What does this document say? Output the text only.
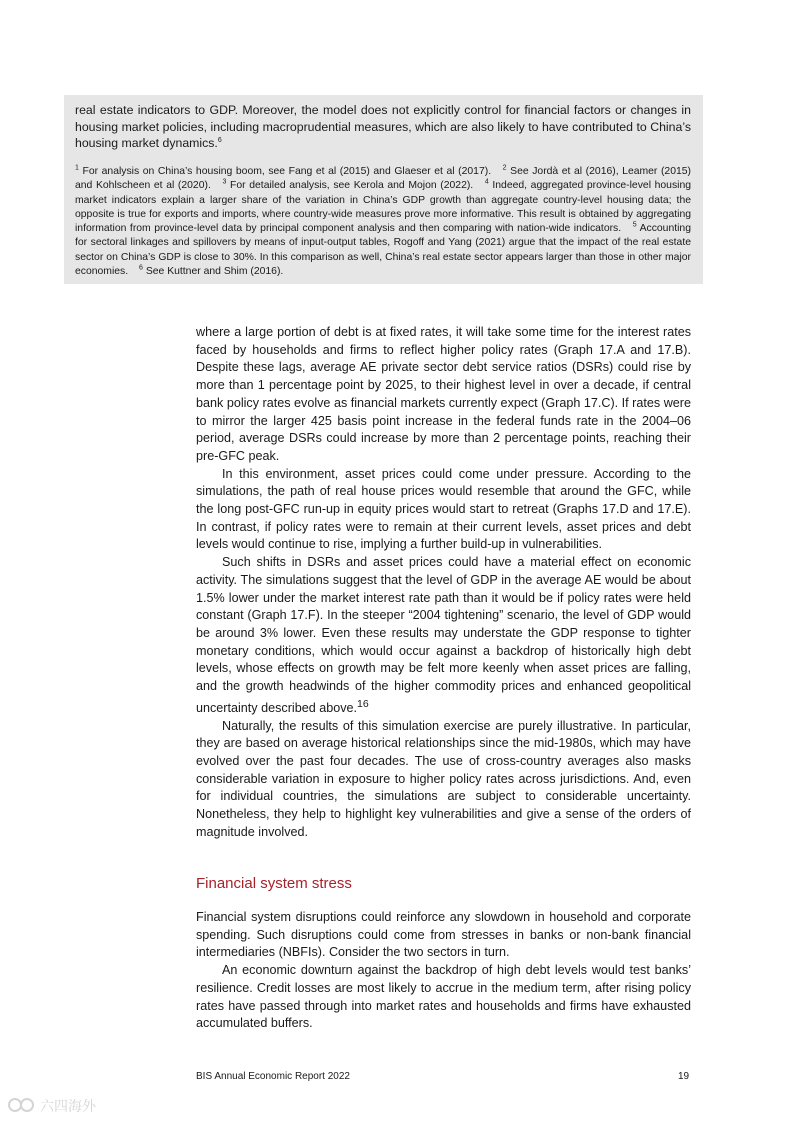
real estate indicators to GDP. Moreover, the model does not explicitly control for financial factors or changes in housing market policies, including macroprudential measures, which are also likely to have contributed to China’s housing market dynamics.$^6$
$^1$ For analysis on China’s housing boom, see Fang et al (2015) and Glaeser et al (2017). $^2$ See Jordà et al (2016), Leamer (2015) and Kohlscheen et al (2020). $^3$ For detailed analysis, see Kerola and Mojon (2022). $^4$ Indeed, aggregated province-level housing market indicators explain a larger share of the variation in China’s GDP growth than aggregate country-level housing data; the opposite is true for exports and imports, where country-wide measures prove more informative. This result is obtained by aggregating information from province-level data by principal component analysis and then comparing with nation-wide indicators. $^5$ Accounting for sectoral linkages and spillovers by means of input-output tables, Rogoff and Yang (2021) argue that the impact of the real estate sector on China’s GDP is close to 30%. In this comparison as well, China’s real estate sector appears larger than those in other major economies. $^6$ See Kuttner and Shim (2016).

where a large portion of debt is at fixed rates, it will take some time for the interest rates faced by households and firms to reflect higher policy rates (Graph 17.A and 17.B). Despite these lags, average AE private sector debt service ratios (DSRs) could rise by more than 1 percentage point by 2025, to their highest level in over a decade, if central bank policy rates evolve as financial markets currently expect (Graph 17.C). If rates were to mirror the larger 425 basis point increase in the federal funds rate in the 2004–06 period, average DSRs could increase by more than 2 percentage points, reaching their pre-GFC peak.

In this environment, asset prices could come under pressure. According to the simulations, the path of real house prices would resemble that around the GFC, while the long post-GFC run-up in equity prices would start to retreat (Graphs 17.D and 17.E). In contrast, if policy rates were to remain at their current levels, asset prices and debt levels would continue to rise, implying a further build-up in vulnerabilities.

Such shifts in DSRs and asset prices could have a material effect on economic activity. The simulations suggest that the level of GDP in the average AE would be about 1.5% lower under the market interest rate path than it would be if policy rates were held constant (Graph 17.F). In the steeper “2004 tightening” scenario, the level of GDP would be around 3% lower. Even these results may understate the GDP response to tighter monetary conditions, which would occur against a backdrop of historically high debt levels, whose effects on growth may be felt more keenly when asset prices are falling, and the growth headwinds of the higher commodity prices and enhanced geopolitical uncertainty described above.$^{16}$

Naturally, the results of this simulation exercise are purely illustrative. In particular, they are based on average historical relationships since the mid-1980s, which may have evolved over the past four decades. The use of cross-country averages also masks considerable variation in exposure to higher policy rates across jurisdictions. And, even for individual countries, the simulations are subject to considerable uncertainty. Nonetheless, they help to highlight key vulnerabilities and give a sense of the orders of magnitude involved.

Financial system stress

Financial system disruptions could reinforce any slowdown in household and corporate spending. Such disruptions could come from stresses in banks or non-bank financial intermediaries (NBFIs). Consider the two sectors in turn.

An economic downturn against the backdrop of high debt levels would test banks’ resilience. Credit losses are most likely to accrue in the medium term, after rising policy rates have passed through into market rates and households and firms have exhausted accumulated buffers.

BIS Annual Economic Report 2022	19
六四海外
